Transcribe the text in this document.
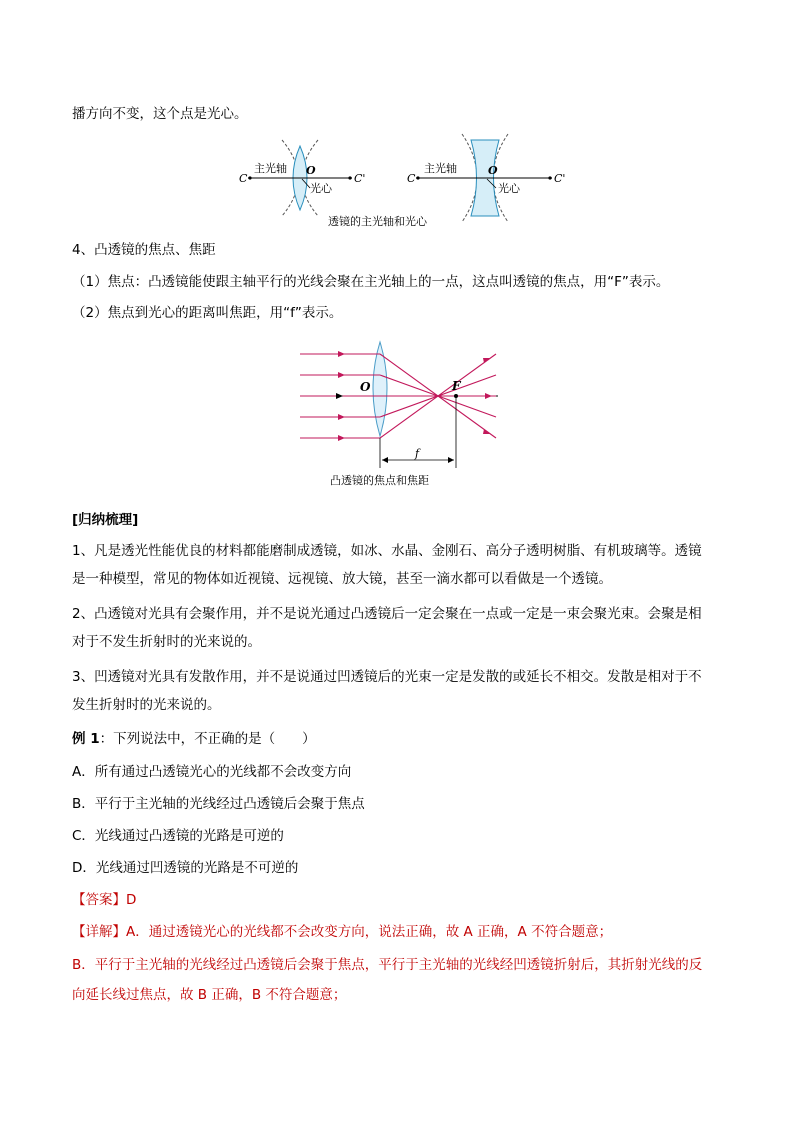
播方向不变，这个点是光心。
C
主光轴 O
光心
C'	C
主光轴	O
光心
C'
透镜的主光轴和光心
4、凸透镜的焦点、焦距
（1）焦点：凸透镜能使跟主轴平行的光线会聚在主光轴上的一点，这点叫透镜的焦点，用“F”表示。
（2）焦点到光心的距离叫焦距，用“f”表示。
O	F
f
凸透镜的焦点和焦距
[归纳梳理]
1、凡是透光性能优良的材料都能磨制成透镜，如冰、水晶、金刚石、高分子透明树脂、有机玻璃等。透镜
是一种模型，常见的物体如近视镜、远视镜、放大镜，甚至一滴水都可以看做是一个透镜。
2、凸透镜对光具有会聚作用，并不是说光通过凸透镜后一定会聚在一点或一定是一束会聚光束。会聚是相
对于不发生折射时的光来说的。
3、凹透镜对光具有发散作用，并不是说通过凹透镜后的光束一定是发散的或延长不相交。发散是相对于不
发生折射时的光来说的。
例 1：下列说法中，不正确的是（　　）
A．所有通过凸透镜光心的光线都不会改变方向
B．平行于主光轴的光线经过凸透镜后会聚于焦点
C．光线通过凸透镜的光路是可逆的
D．光线通过凹透镜的光路是不可逆的
【答案】D
【详解】A．通过透镜光心的光线都不会改变方向，说法正确，故 A 正确，A 不符合题意；
B．平行于主光轴的光线经过凸透镜后会聚于焦点，平行于主光轴的光线经凹透镜折射后，其折射光线的反
向延长线过焦点，故 B 正确，B 不符合题意；
